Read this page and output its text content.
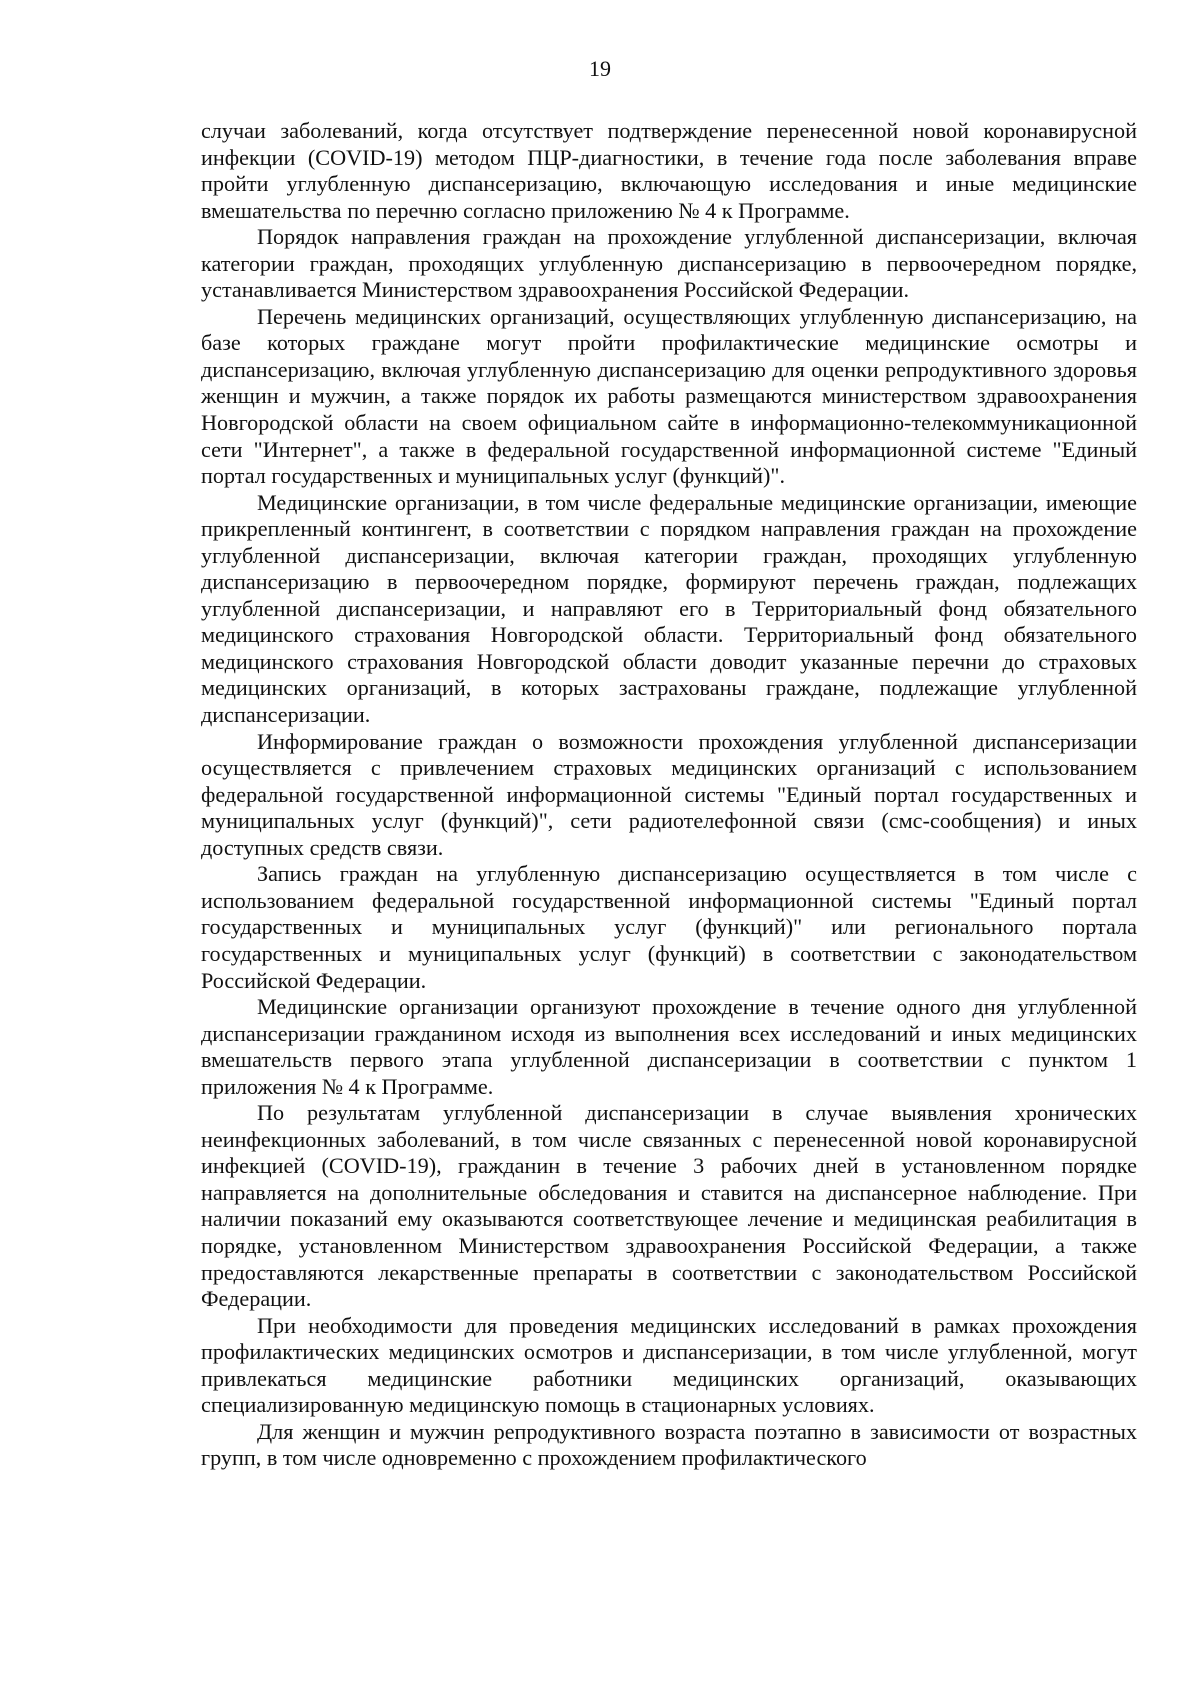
19

случаи заболеваний, когда отсутствует подтверждение перенесенной новой коронавирусной инфекции (COVID-19) методом ПЦР-диагностики, в течение года после заболевания вправе пройти углубленную диспансеризацию, включающую исследования и иные медицинские вмешательства по перечню согласно приложению № 4 к Программе.

Порядок направления граждан на прохождение углубленной диспансеризации, включая категории граждан, проходящих углубленную диспансеризацию в первоочередном порядке, устанавливается Министерством здравоохранения Российской Федерации.

Перечень медицинских организаций, осуществляющих углубленную диспансеризацию, на базе которых граждане могут пройти профилактические медицинские осмотры и диспансеризацию, включая углубленную диспансеризацию для оценки репродуктивного здоровья женщин и мужчин, а также порядок их работы размещаются министерством здравоохранения Новгородской области на своем официальном сайте в информационно-телекоммуникационной сети "Интернет", а также в федеральной государственной информационной системе "Единый портал государственных и муниципальных услуг (функций)".

Медицинские организации, в том числе федеральные медицинские организации, имеющие прикрепленный контингент, в соответствии с порядком направления граждан на прохождение углубленной диспансеризации, включая категории граждан, проходящих углубленную диспансеризацию в первоочередном порядке, формируют перечень граждан, подлежащих углубленной диспансеризации, и направляют его в Территориальный фонд обязательного медицинского страхования Новгородской области. Территориальный фонд обязательного медицинского страхования Новгородской области доводит указанные перечни до страховых медицинских организаций, в которых застрахованы граждане, подлежащие углубленной диспансеризации.

Информирование граждан о возможности прохождения углубленной диспансеризации осуществляется с привлечением страховых медицинских организаций с использованием федеральной государственной информационной системы "Единый портал государственных и муниципальных услуг (функций)", сети радиотелефонной связи (смс-сообщения) и иных доступных средств связи.

Запись граждан на углубленную диспансеризацию осуществляется в том числе с использованием федеральной государственной информационной системы "Единый портал государственных и муниципальных услуг (функций)" или регионального портала государственных и муниципальных услуг (функций) в соответствии с законодательством Российской Федерации.

Медицинские организации организуют прохождение в течение одного дня углубленной диспансеризации гражданином исходя из выполнения всех исследований и иных медицинских вмешательств первого этапа углубленной диспансеризации в соответствии с пунктом 1 приложения № 4 к Программе.

По результатам углубленной диспансеризации в случае выявления хронических неинфекционных заболеваний, в том числе связанных с перенесенной новой коронавирусной инфекцией (COVID-19), гражданин в течение 3 рабочих дней в установленном порядке направляется на дополнительные обследования и ставится на диспансерное наблюдение. При наличии показаний ему оказываются соответствующее лечение и медицинская реабилитация в порядке, установленном Министерством здравоохранения Российской Федерации, а также предоставляются лекарственные препараты в соответствии с законодательством Российской Федерации.

При необходимости для проведения медицинских исследований в рамках прохождения профилактических медицинских осмотров и диспансеризации, в том числе углубленной, могут привлекаться медицинские работники медицинских организаций, оказывающих специализированную медицинскую помощь в стационарных условиях.

Для женщин и мужчин репродуктивного возраста поэтапно в зависимости от возрастных групп, в том числе одновременно с прохождением профилактического
